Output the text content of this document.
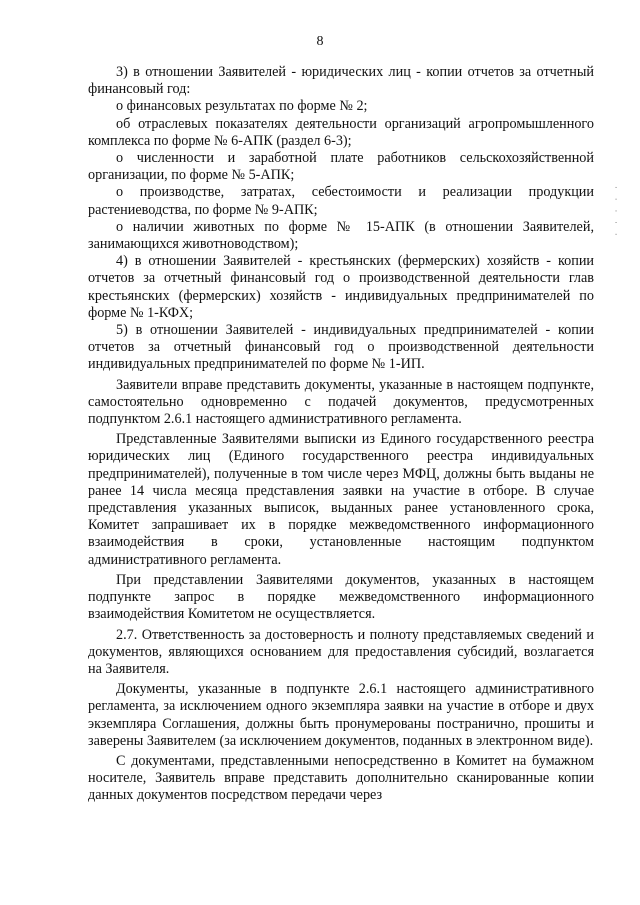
8

3) в отношении Заявителей - юридических лиц - копии отчетов за отчетный финансовый год:

о финансовых результатах по форме № 2;

об отраслевых показателях деятельности организаций агропромышленного комплекса по форме № 6-АПК (раздел 6-3);

о численности и заработной плате работников сельскохозяйственной организации, по форме № 5-АПК;

о производстве, затратах, себестоимости и реализации продукции растениеводства, по форме № 9-АПК;

о наличии животных по форме № 15-АПК (в отношении Заявителей, занимающихся животноводством);

4) в отношении Заявителей - крестьянских (фермерских) хозяйств - копии отчетов за отчетный финансовый год о производственной деятельности глав крестьянских (фермерских) хозяйств - индивидуальных предпринимателей по форме № 1-КФХ;

5) в отношении Заявителей - индивидуальных предпринимателей - копии отчетов за отчетный финансовый год о производственной деятельности индивидуальных предпринимателей по форме № 1-ИП.

Заявители вправе представить документы, указанные в настоящем подпункте, самостоятельно одновременно с подачей документов, предусмотренных подпунктом 2.6.1 настоящего административного регламента.

Представленные Заявителями выписки из Единого государственного реестра юридических лиц (Единого государственного реестра индивидуальных предпринимателей), полученные в том числе через МФЦ, должны быть выданы не ранее 14 числа месяца представления заявки на участие в отборе. В случае представления указанных выписок, выданных ранее установленного срока, Комитет запрашивает их в порядке межведомственного информационного взаимодействия в сроки, установленные настоящим подпунктом административного регламента.

При представлении Заявителями документов, указанных в настоящем подпункте запрос в порядке межведомственного информационного взаимодействия Комитетом не осуществляется.

2.7. Ответственность за достоверность и полноту представляемых сведений и документов, являющихся основанием для предоставления субсидий, возлагается на Заявителя.

Документы, указанные в подпункте 2.6.1 настоящего административного регламента, за исключением одного экземпляра заявки на участие в отборе и двух экземпляра Соглашения, должны быть пронумерованы постранично, прошиты и заверены Заявителем (за исключением документов, поданных в электронном виде).

С документами, представленными непосредственно в Комитет на бумажном носителе, Заявитель вправе представить дополнительно сканированные копии данных документов посредством передачи через

· · · · ·
